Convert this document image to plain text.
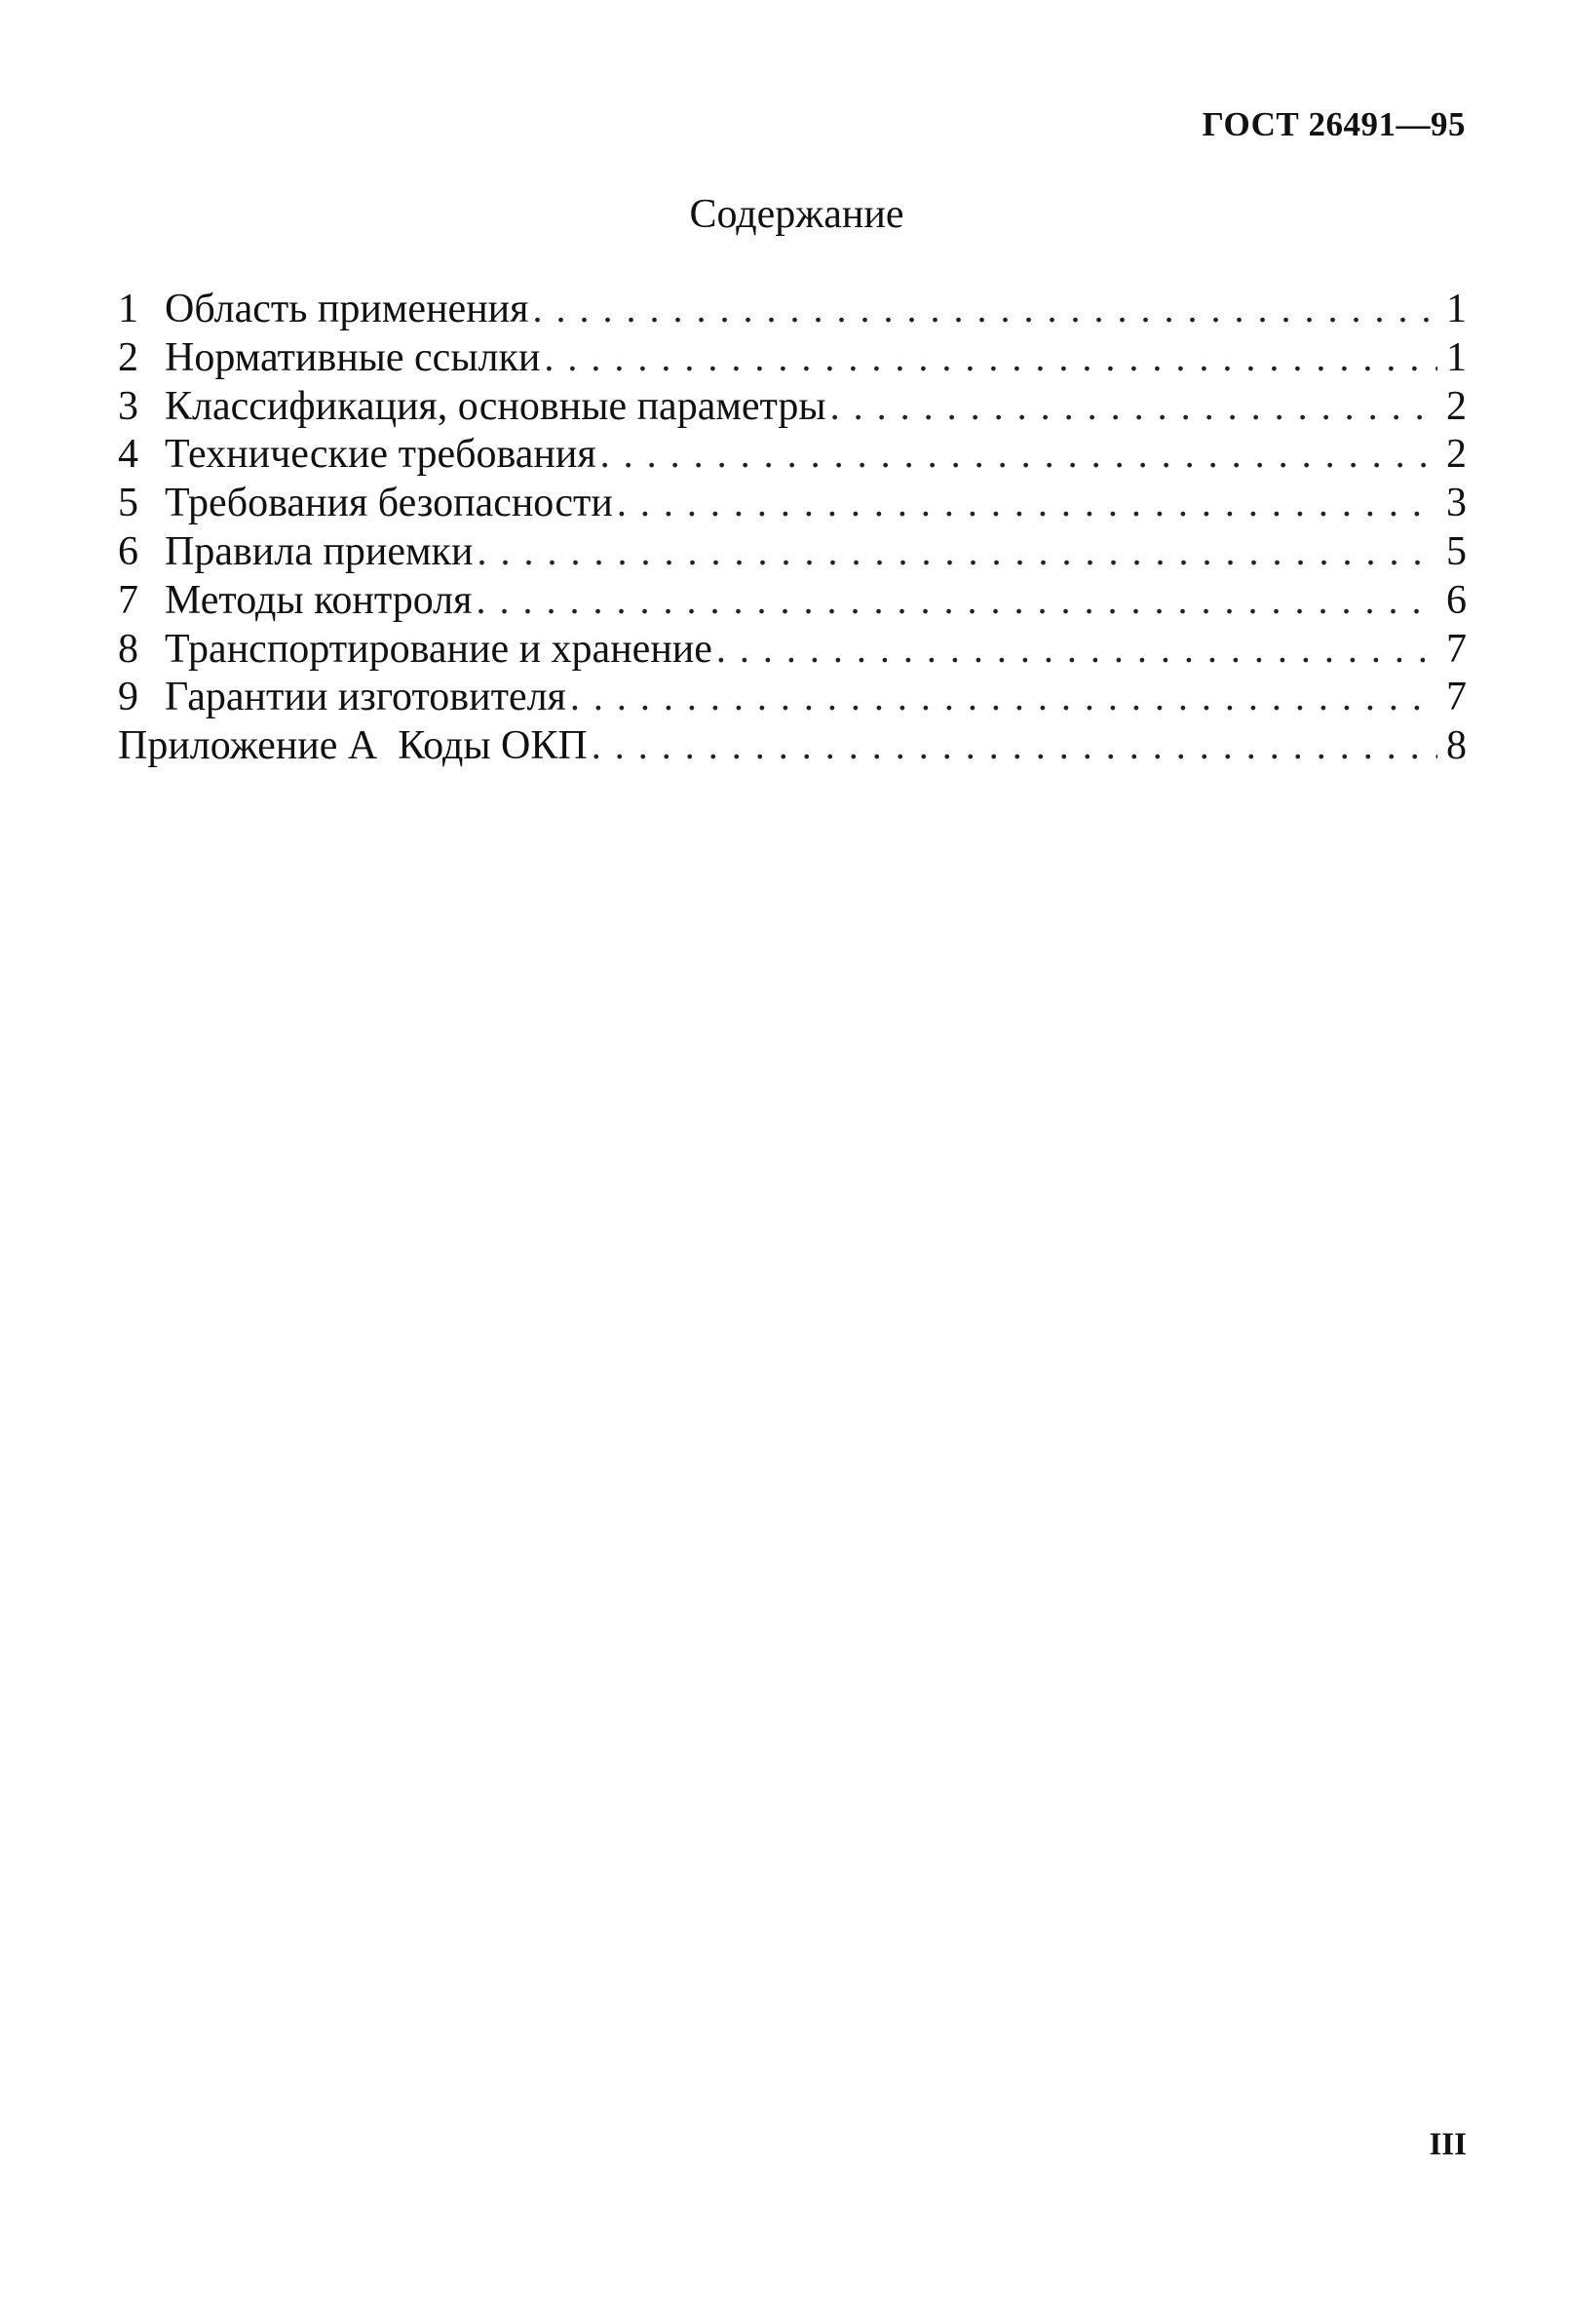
ГОСТ 26491—95
Содержание
1 Область применения .....	1
2 Нормативные ссылки .....	1
3 Классификация, основные параметры .....	2
4 Технические требования .....	2
5 Требования безопасности .....	3
6 Правила приемки .....	5
7 Методы контроля .....	6
8 Транспортирование и хранение .....	7
9 Гарантии изготовителя .....	7
Приложение А  Коды ОКП .....	8
III
